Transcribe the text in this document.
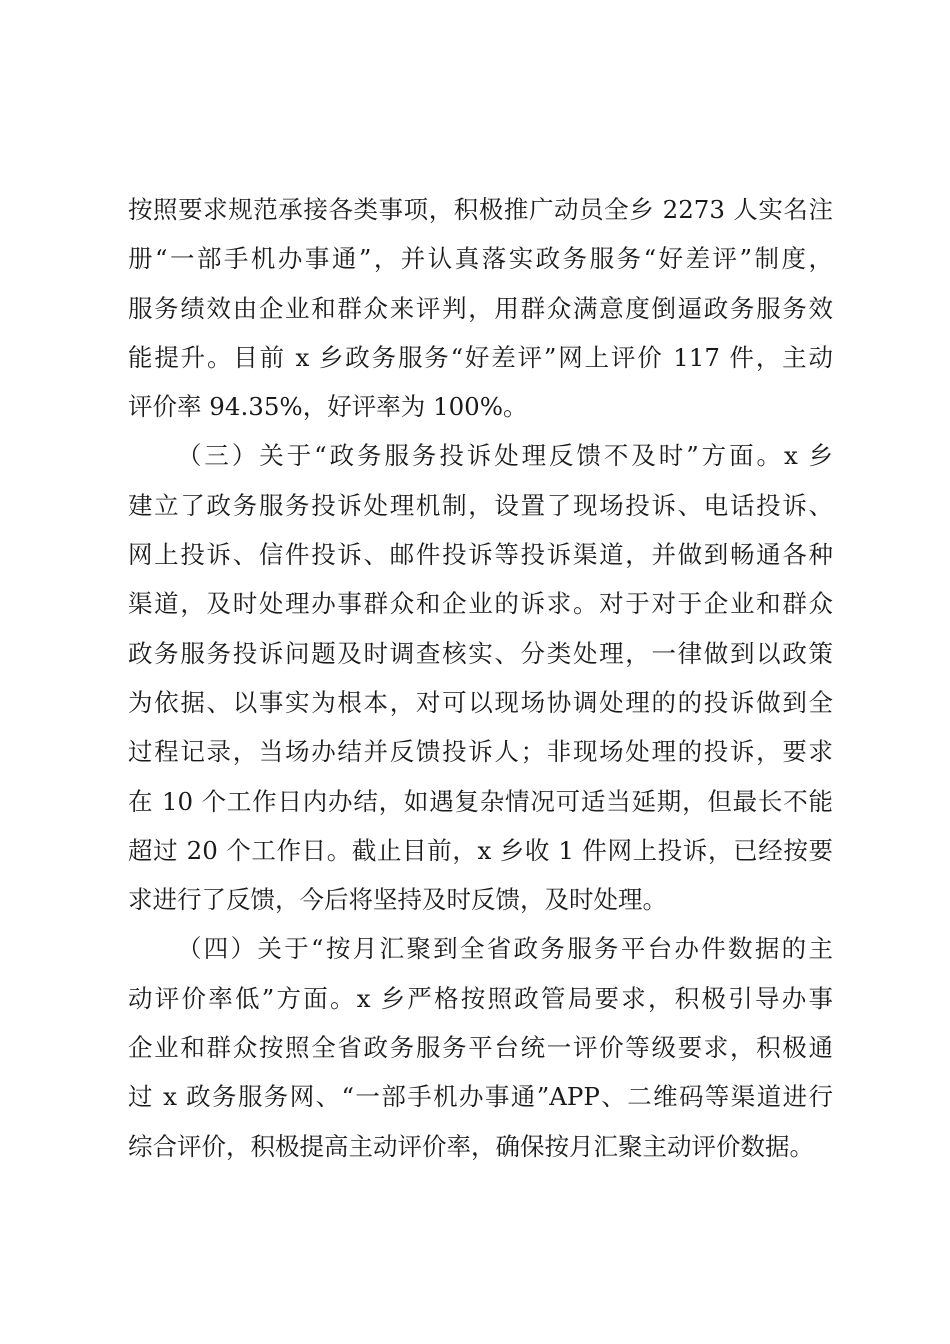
按照要求规范承接各类事项，积极推广动员全乡 2273 人实名注
册“一部手机办事通”，并认真落实政务服务“好差评”制度，
服务绩效由企业和群众来评判，用群众满意度倒逼政务服务效
能提升。目前 x 乡政务服务“好差评”网上评价 117 件，主动
评价率 94.35%，好评率为 100%。
（三）关于“政务服务投诉处理反馈不及时”方面。x 乡
建立了政务服务投诉处理机制，设置了现场投诉、电话投诉、
网上投诉、信件投诉、邮件投诉等投诉渠道，并做到畅通各种
渠道，及时处理办事群众和企业的诉求。对于对于企业和群众
政务服务投诉问题及时调查核实、分类处理，一律做到以政策
为依据、以事实为根本，对可以现场协调处理的的投诉做到全
过程记录，当场办结并反馈投诉人；非现场处理的投诉，要求
在 10 个工作日内办结，如遇复杂情况可适当延期，但最长不能
超过 20 个工作日。截止目前，x 乡收 1 件网上投诉，已经按要
求进行了反馈，今后将坚持及时反馈，及时处理。
（四）关于“按月汇聚到全省政务服务平台办件数据的主
动评价率低”方面。x 乡严格按照政管局要求，积极引导办事
企业和群众按照全省政务服务平台统一评价等级要求，积极通
过 x 政务服务网、“一部手机办事通”APP、二维码等渠道进行
综合评价，积极提高主动评价率，确保按月汇聚主动评价数据。
